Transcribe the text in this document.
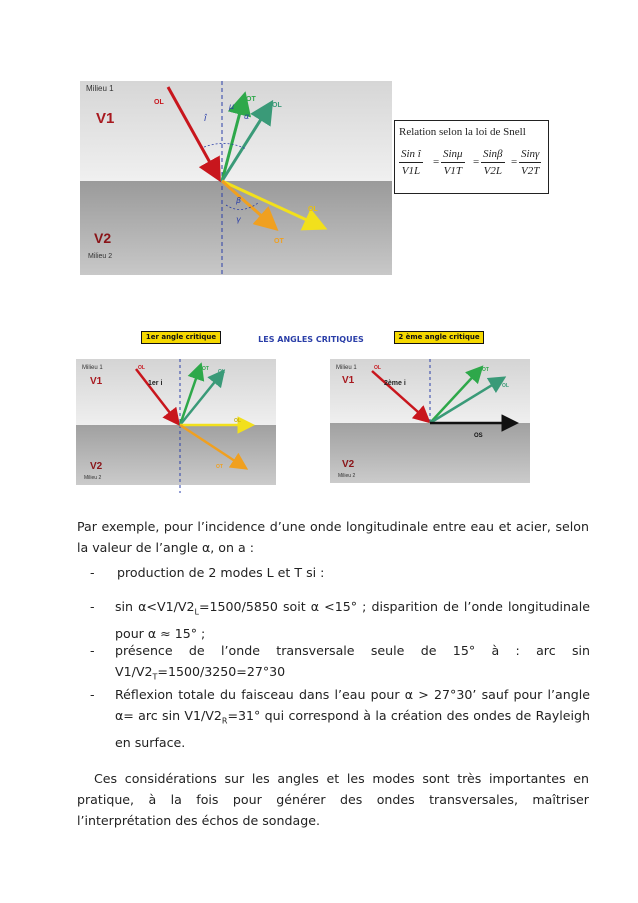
Milieu 1
V1
V2
Milieu 2
OL	OT
OL
OL
OT
î
μ
α
β
γ
Relation selon la loi de Snell
Sin î
V1L
=
Sinμ
V1T
=
Sinβ
V2L
=
Sinγ
V2T
1er angle critique	LES ANGLES CRITIQUES	2 ème angle critique
Milieu 1
V1
V2
Milieu 2
1er i
OL	OT OL
OL
OT
Milieu 1
V1
V2
Milieu 2
2ème i
OL	OT
OL
OS

Par exemple, pour l’incidence d’une onde longitudinale entre eau et acier, selon la valeur de l’angle α, on a :

- production de 2 modes L et T si :
- $\sin \alpha<V1/V2_L=1500/5850$ soit α <15° ; disparition de l’onde longitudinale pour α ≈ 15° ;
- présence de l’onde transversale seule de 15° à : arc $\sin V1/V2_T=1500/3250=27^\circ 30$
- Réflexion totale du faisceau dans l’eau pour α > 27°30’ sauf pour l’angle α= arc $\sin V1/V2_R=31^\circ$ qui correspond à la création des ondes de Rayleigh en surface.

Ces considérations sur les angles et les modes sont très importantes en pratique, à la fois pour générer des ondes transversales, maîtriser l’interprétation des échos de sondage.
